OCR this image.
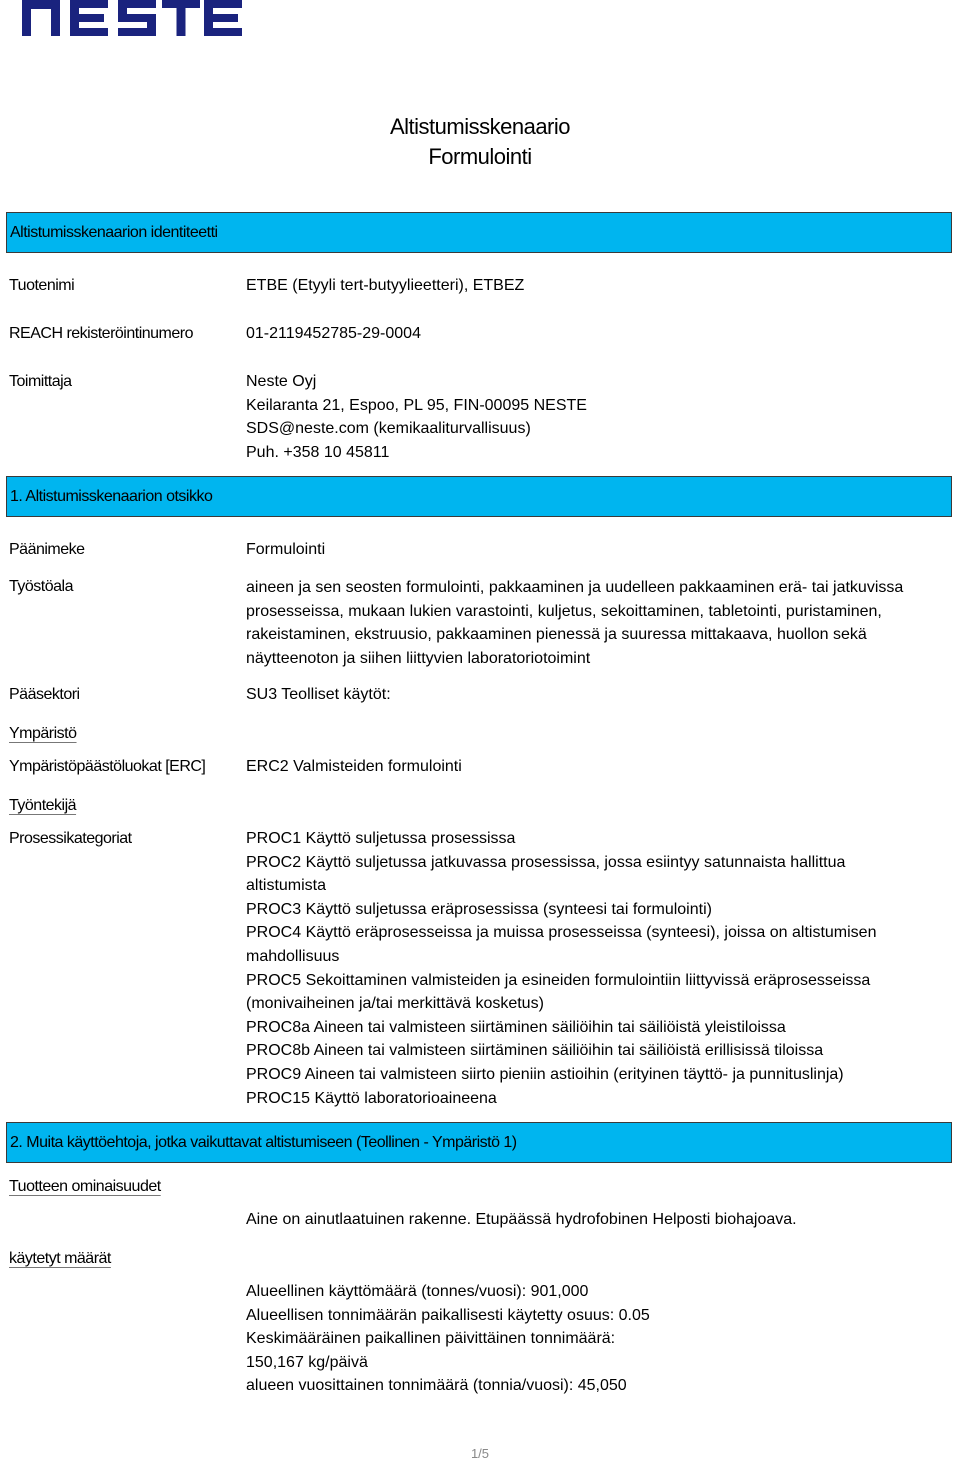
Altistumisskenaario
Formulointi
Altistumisskenaarion identiteetti
Tuotenimi	ETBE (Etyyli tert-butyylieetteri), ETBEZ
REACH rekisteröintinumero	01-2119452785-29-0004
Toimittaja	Neste Oyj
Keilaranta 21, Espoo, PL 95, FIN-00095 NESTE
SDS@neste.com (kemikaaliturvallisuus)
Puh. +358 10 45811
1. Altistumisskenaarion otsikko
Päänimeke	Formulointi
Työstöala	aineen ja sen seosten formulointi, pakkaaminen ja uudelleen pakkaaminen erä- tai jatkuvissa
prosesseissa, mukaan lukien varastointi, kuljetus, sekoittaminen, tabletointi, puristaminen,
rakeistaminen, ekstruusio, pakkaaminen pienessä ja suuressa mittakaava, huollon sekä
näytteenoton ja siihen liittyvien laboratoriotoimint
Pääsektori	SU3 Teolliset käytöt:
Ympäristö
Ympäristöpäästöluokat [ERC]	ERC2 Valmisteiden formulointi
Työntekijä
Prosessikategoriat	PROC1 Käyttö suljetussa prosessissa
PROC2 Käyttö suljetussa jatkuvassa prosessissa, jossa esiintyy satunnaista hallittua
altistumista
PROC3 Käyttö suljetussa eräprosessissa (synteesi tai formulointi)
PROC4 Käyttö eräprosesseissa ja muissa prosesseissa (synteesi), joissa on altistumisen
mahdollisuus
PROC5 Sekoittaminen valmisteiden ja esineiden formulointiin liittyvissä eräprosesseissa
(monivaiheinen ja/tai merkittävä kosketus)
PROC8a Aineen tai valmisteen siirtäminen säiliöihin tai säiliöistä yleistiloissa
PROC8b Aineen tai valmisteen siirtäminen säiliöihin tai säiliöistä erillisissä tiloissa
PROC9 Aineen tai valmisteen siirto pieniin astioihin (erityinen täyttö- ja punnituslinja)
PROC15 Käyttö laboratorioaineena
2. Muita käyttöehtoja, jotka vaikuttavat altistumiseen (Teollinen - Ympäristö 1)
Tuotteen ominaisuudet
Aine on ainutlaatuinen rakenne. Etupäässä hydrofobinen Helposti biohajoava.
käytetyt määrät
Alueellinen käyttömäärä (tonnes/vuosi): 901,000
Alueellisen tonnimäärän paikallisesti käytetty osuus: 0.05
Keskimääräinen paikallinen päivittäinen tonnimäärä:
150,167 kg/päivä
alueen vuosittainen tonnimäärä (tonnia/vuosi): 45,050
1/5
